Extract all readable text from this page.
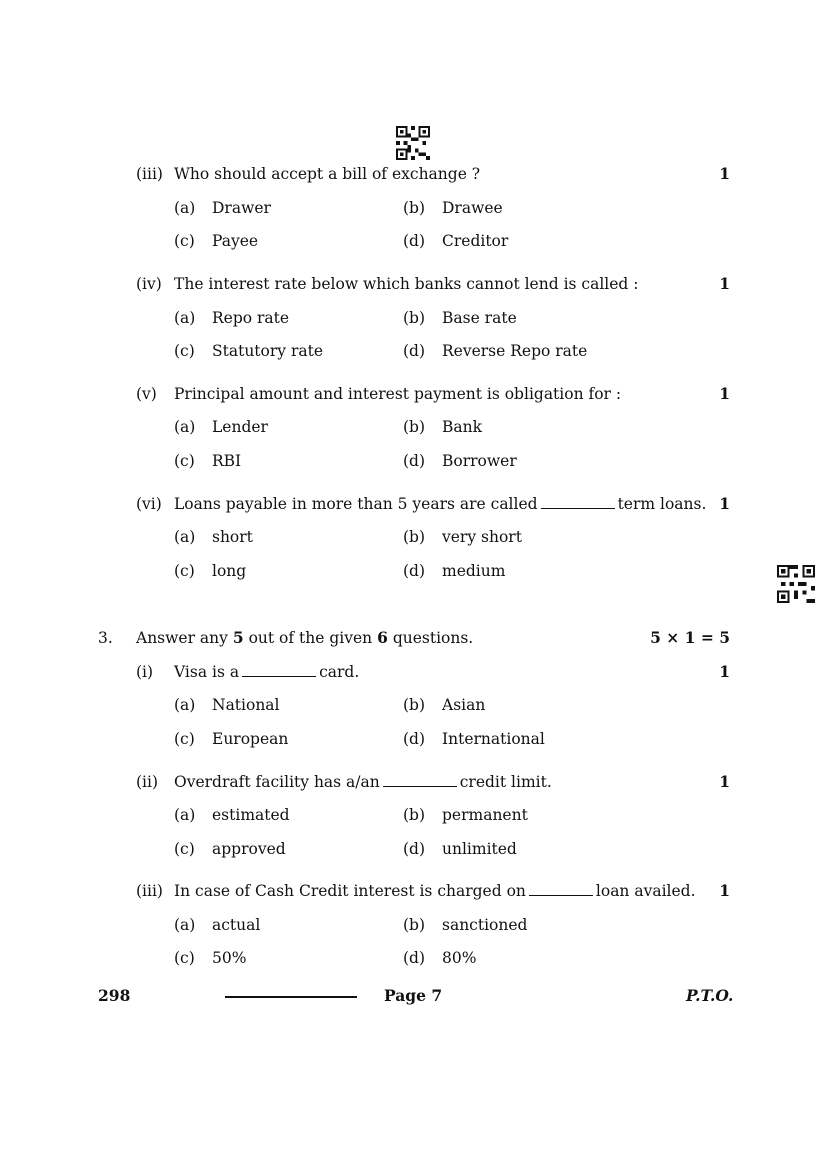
(iii) Who should accept a bill of exchange ?	1
(a) Drawer	(b) Drawee
(c) Payee	(d) Creditor
(iv) The interest rate below which banks cannot lend is called :	1
(a) Repo rate	(b) Base rate
(c) Statutory rate	(d) Reverse Repo rate
(v) Principal amount and interest payment is obligation for :	1
(a) Lender	(b) Bank
(c) RBI	(d) Borrower
(vi) Loans payable in more than 5 years are called	term loans. 1
(a) short	(b) very short
(c) long	(d) medium
3. Answer any 5 out of the given 6 questions.	5 × 1 = 5
(i) Visa is a	card.	1
(a) National	(b) Asian
(c) European	(d) International
(ii) Overdraft facility has a/an	credit limit.	1
(a) estimated	(b) permanent
(c) approved	(d) unlimited
(iii) In case of Cash Credit interest is charged on	loan availed.	1
(a) actual	(b) sanctioned
(c) 50%	(d) 80%
298	Page 7	P.T.O.
